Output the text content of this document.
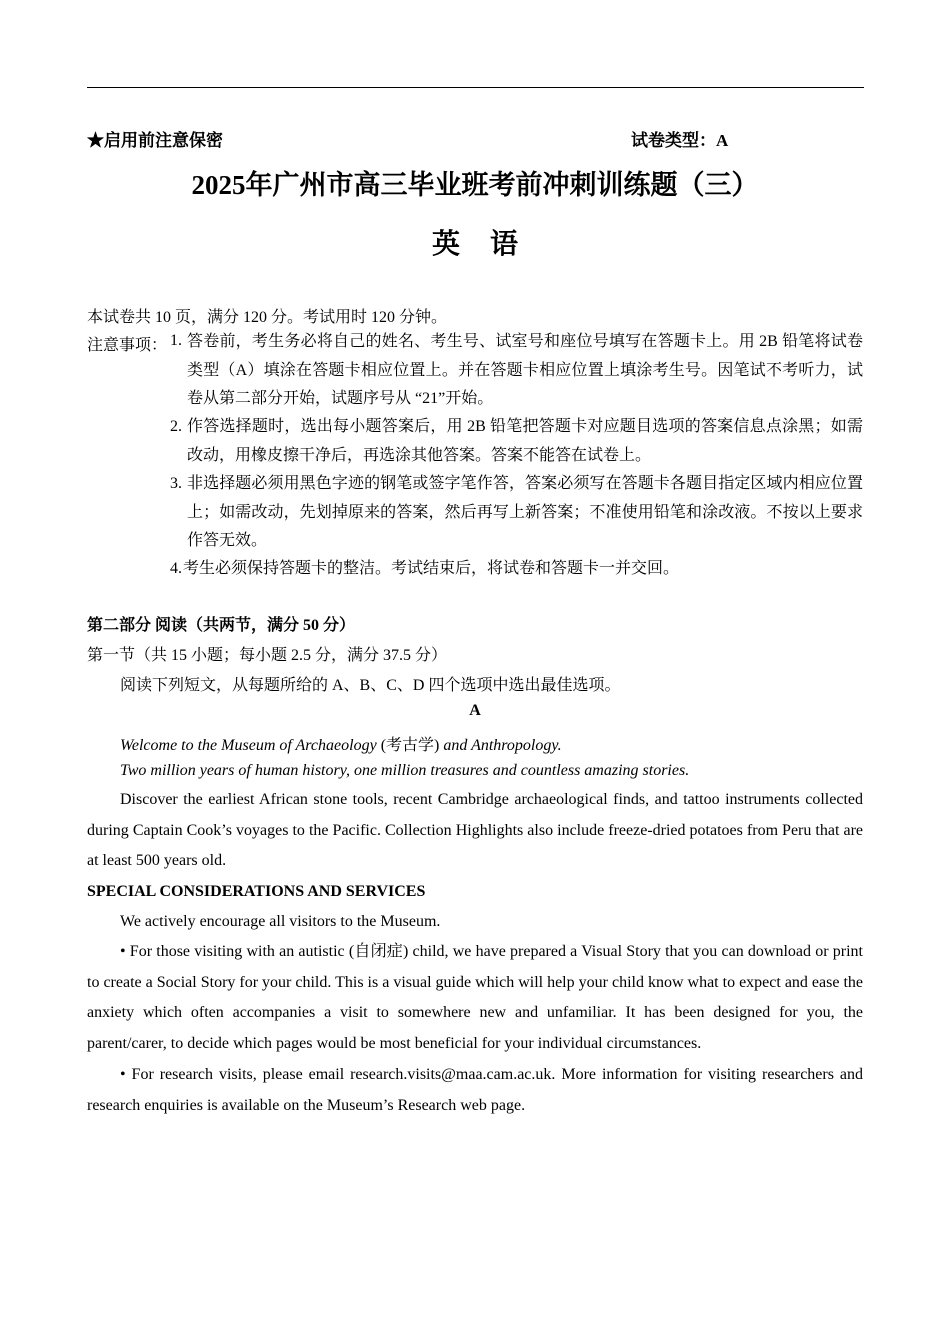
★启用前注意保密	试卷类型：A
2025年广州市高三毕业班考前冲刺训练题（三）
英语
本试卷共 10 页，满分 120 分。考试用时 120 分钟。
注意事项： 1. 答卷前，考生务必将自己的姓名、考生号、试室号和座位号填写在答题卡上。用 2B 铅笔将试卷类型（A）填涂在答题卡相应位置上。并在答题卡相应位置上填涂考生号。因笔试不考听力，试卷从第二部分开始，试题序号从 “21”开始。
2. 作答选择题时，选出每小题答案后，用 2B 铅笔把答题卡对应题目选项的答案信息点涂黑；如需改动，用橡皮擦干净后，再选涂其他答案。答案不能答在试卷上。
3. 非选择题必须用黑色字迹的钢笔或签字笔作答，答案必须写在答题卡各题目指定区域内相应位置上；如需改动，先划掉原来的答案，然后再写上新答案；不准使用铅笔和涂改液。不按以上要求作答无效。
4. 考生必须保持答题卡的整洁。考试结束后，将试卷和答题卡一并交回。
第二部分 阅读（共两节，满分 50 分）
第一节（共 15 小题；每小题 2.5 分，满分 37.5 分）
阅读下列短文，从每题所给的 A、B、C、D 四个选项中选出最佳选项。
A
Welcome to the Museum of Archaeology (考古学) and Anthropology.
Two million years of human history, one million treasures and countless amazing stories.
Discover the earliest African stone tools, recent Cambridge archaeological finds, and tattoo instruments collected during Captain Cook’s voyages to the Pacific. Collection Highlights also include freeze-dried potatoes from Peru that are at least 500 years old.
SPECIAL CONSIDERATIONS AND SERVICES
We actively encourage all visitors to the Museum.
• For those visiting with an autistic (自闭症) child, we have prepared a Visual Story that you can download or print to create a Social Story for your child. This is a visual guide which will help your child know what to expect and ease the anxiety which often accompanies a visit to somewhere new and unfamiliar. It has been designed for you, the parent/carer, to decide which pages would be most beneficial for your individual circumstances.
• For research visits, please email research.visits@maa.cam.ac.uk. More information for visiting researchers and research enquiries is available on the Museum’s Research web page.
